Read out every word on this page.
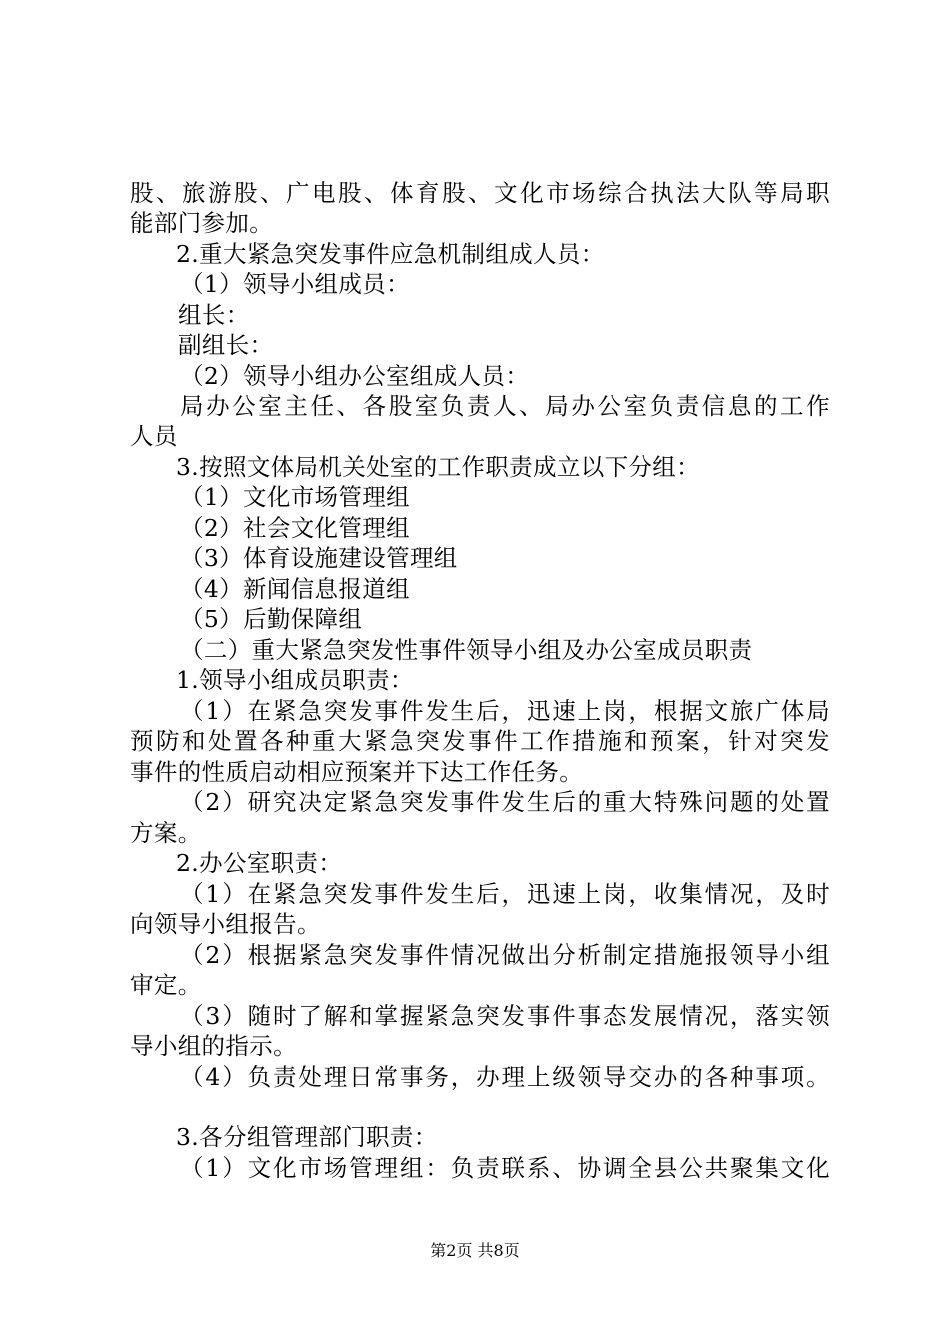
股、旅游股、广电股、体育股、文化市场综合执法大队等局职
能部门参加。
2.重大紧急突发事件应急机制组成人员：
（1）领导小组成员：
组长：
副组长：
（2）领导小组办公室组成人员：
局办公室主任、各股室负责人、局办公室负责信息的工作
人员
3.按照文体局机关处室的工作职责成立以下分组：
（1）文化市场管理组
（2）社会文化管理组
（3）体育设施建设管理组
（4）新闻信息报道组
（5）后勤保障组
（二）重大紧急突发性事件领导小组及办公室成员职责
1.领导小组成员职责：
（1）在紧急突发事件发生后，迅速上岗，根据文旅广体局
预防和处置各种重大紧急突发事件工作措施和预案，针对突发
事件的性质启动相应预案并下达工作任务。
（2）研究决定紧急突发事件发生后的重大特殊问题的处置
方案。
2.办公室职责：
（1）在紧急突发事件发生后，迅速上岗，收集情况，及时
向领导小组报告。
（2）根据紧急突发事件情况做出分析制定措施报领导小组
审定。
（3）随时了解和掌握紧急突发事件事态发展情况，落实领
导小组的指示。
（4）负责处理日常事务，办理上级领导交办的各种事项。
3.各分组管理部门职责：
（1）文化市场管理组：负责联系、协调全县公共聚集文化
第2页 共8页
